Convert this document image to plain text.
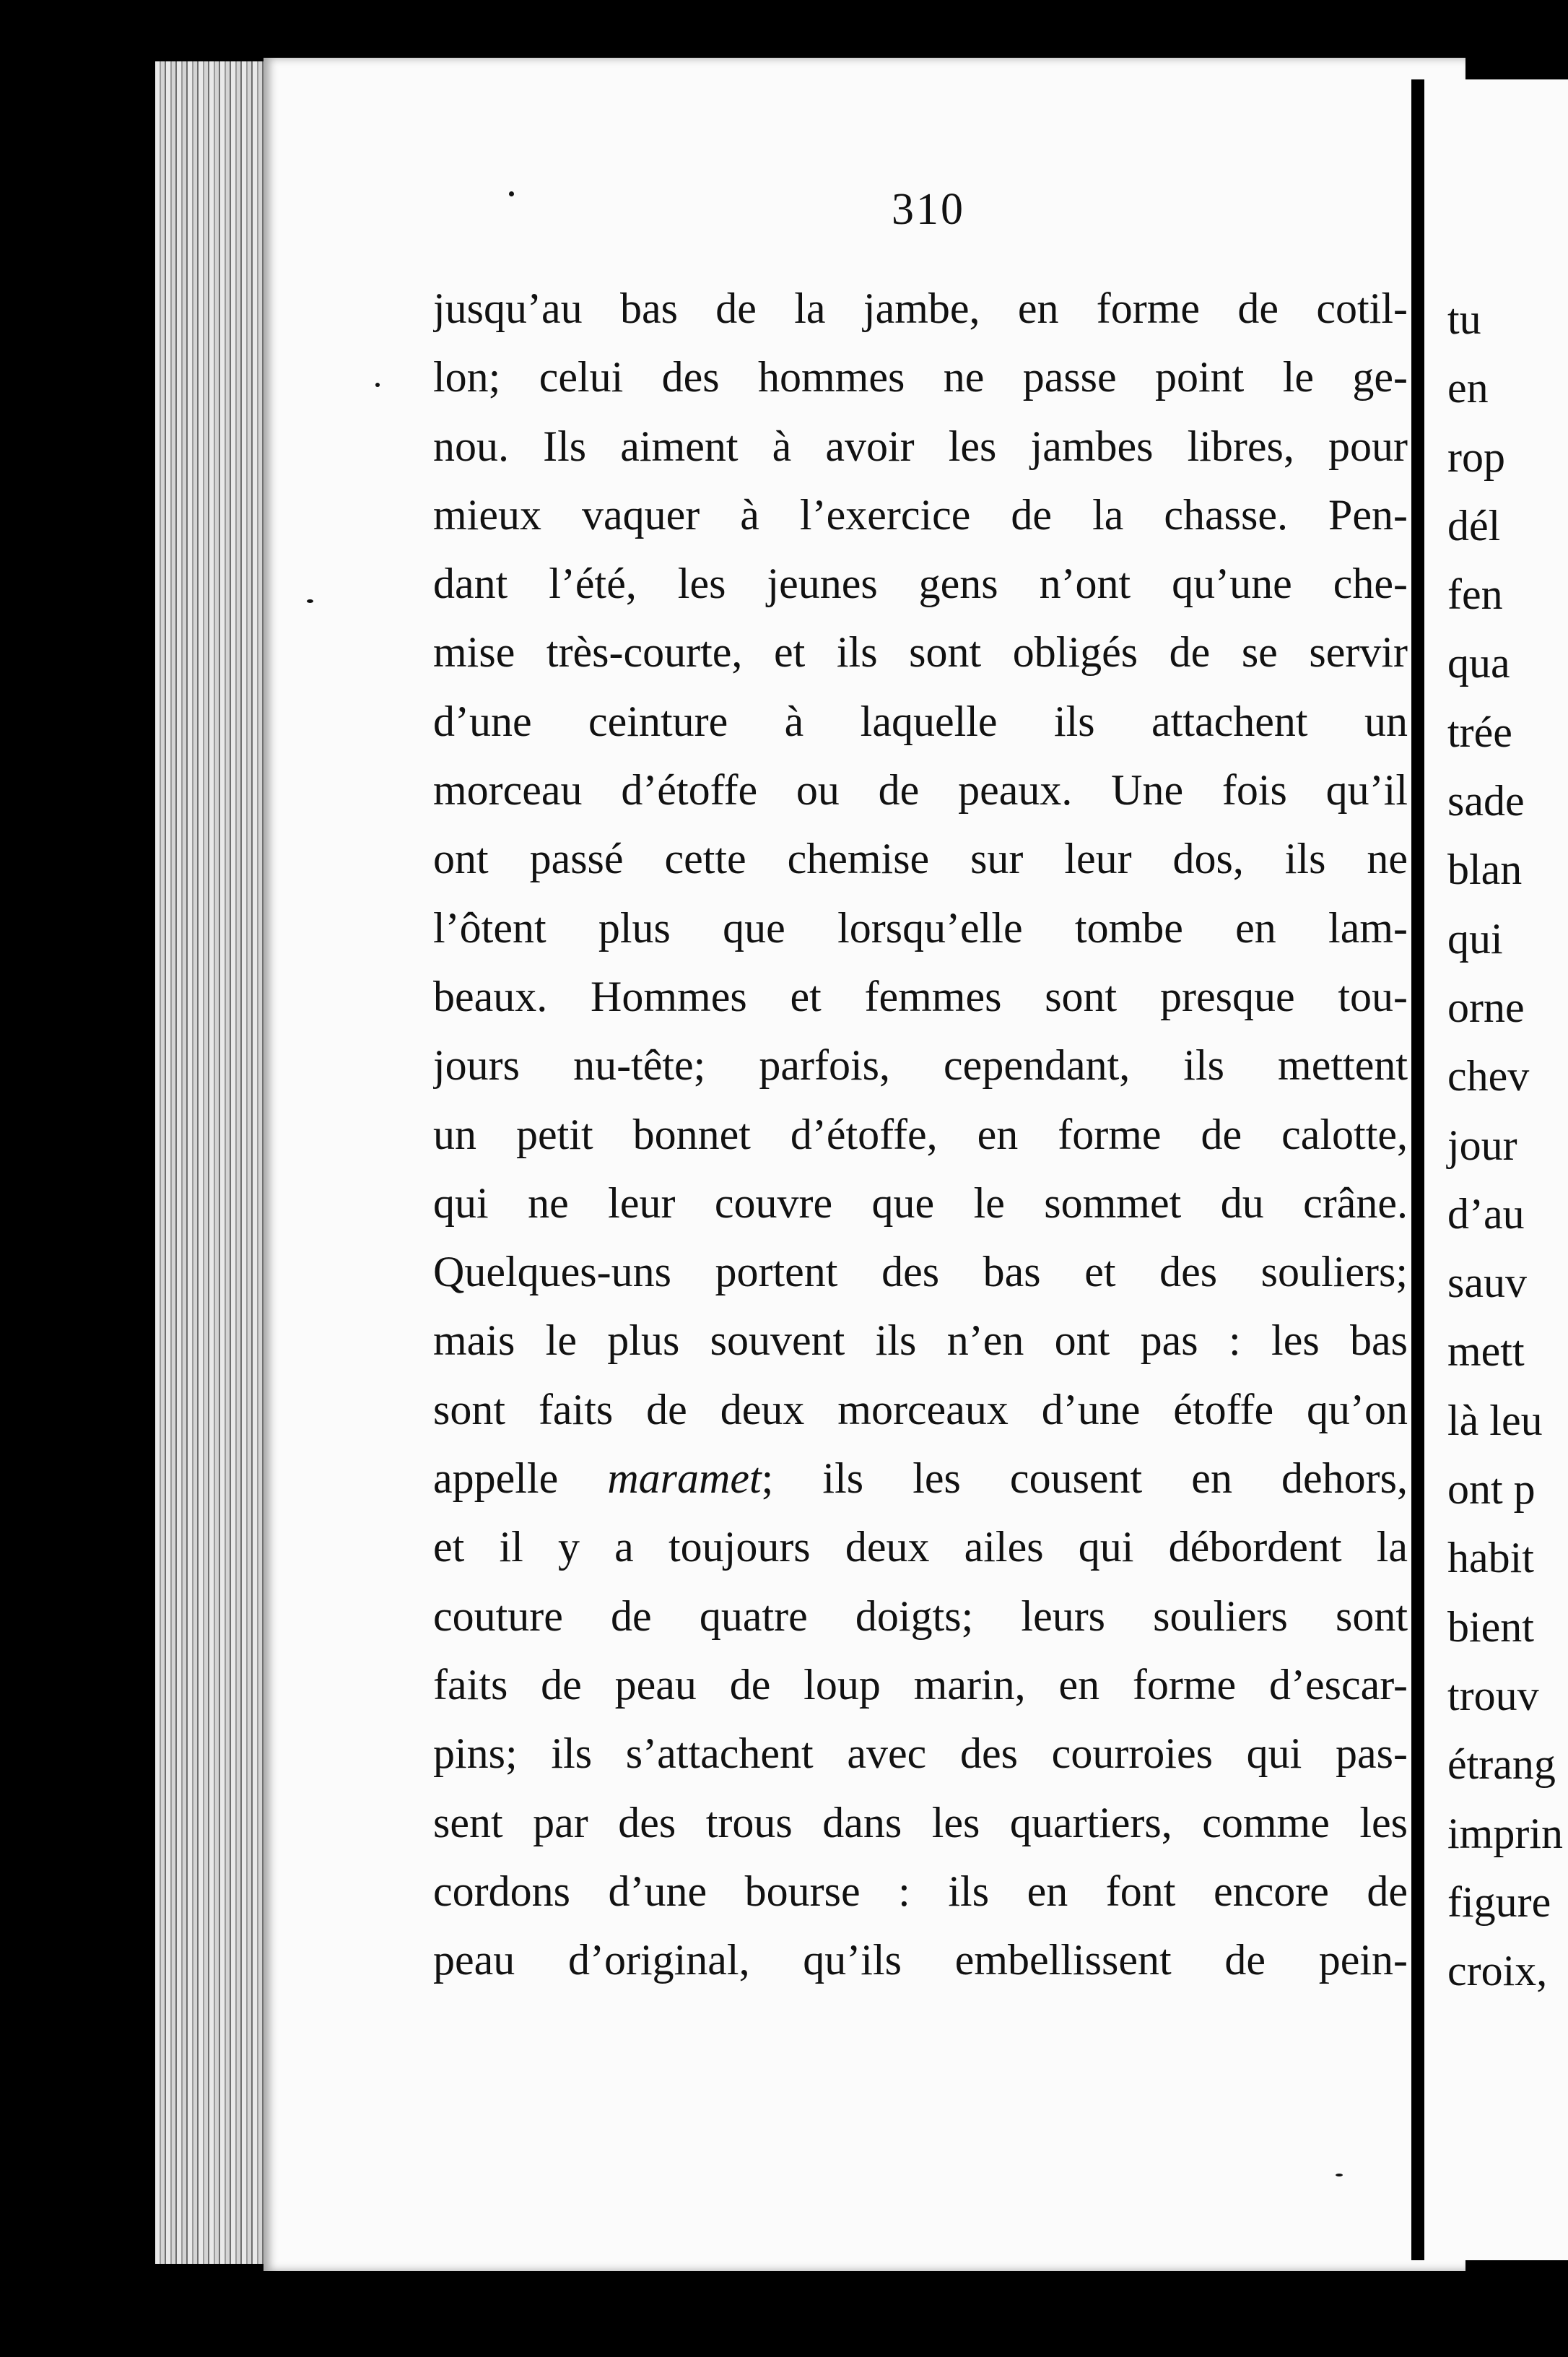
310
jusqu’au bas de la jambe, en forme de cotil-
lon; celui des hommes ne passe point le ge-
nou. Ils aiment à avoir les jambes libres, pour
mieux vaquer à l’exercice de la chasse. Pen-
dant l’été, les jeunes gens n’ont qu’une che-
mise très-courte, et ils sont obligés de se servir
d’une ceinture à laquelle ils attachent un
morceau d’étoffe ou de peaux. Une fois qu’il
ont passé cette chemise sur leur dos, ils ne
l’ôtent plus que lorsqu’elle tombe en lam-
beaux. Hommes et femmes sont presque tou-
jours nu-tête; parfois, cependant, ils mettent
un petit bonnet d’étoffe, en forme de calotte,
qui ne leur couvre que le sommet du crâne.
Quelques-uns portent des bas et des souliers;
mais le plus souvent ils n’en ont pas : les bas
sont faits de deux morceaux d’une étoffe qu’on
appelle maramet; ils les cousent en dehors,
et il y a toujours deux ailes qui débordent la
couture de quatre doigts; leurs souliers sont
faits de peau de loup marin, en forme d’escar-
pins; ils s’attachent avec des courroies qui pas-
sent par des trous dans les quartiers, comme les
cordons d’une bourse : ils en font encore de
peau d’original, qu’ils embellissent de pein-
tu
en
rop
dél
fen
qua
trée
sade
blan
qui
orne
chev
jour
d’au
sauv
mett
là leu
ont p
habit
bient
trouv
étrang
imprin
figure
croix,
